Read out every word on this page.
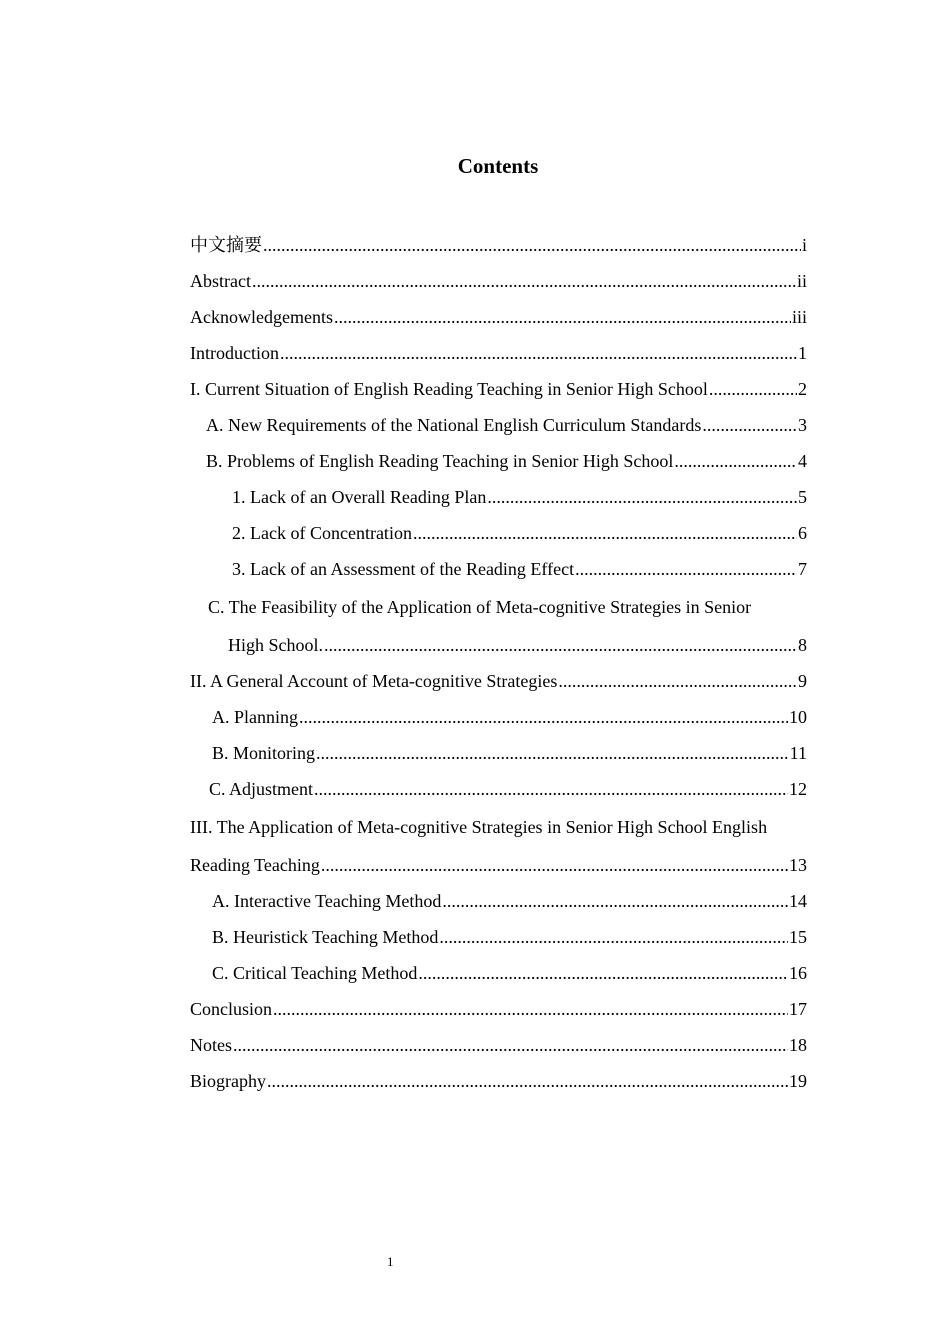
Contents
中文摘要 .....	i
Abstract .....	ii
Acknowledgements .....	iii
Introduction .....	1
I. Current Situation of English Reading Teaching in Senior High School .....	2
A. New Requirements of the National English Curriculum Standards .....	3
B. Problems of English Reading Teaching in Senior High School .....	4
1. Lack of an Overall Reading Plan .....	5
2. Lack of Concentration .....	6
3. Lack of an Assessment of the Reading Effect .....	7
C. The Feasibility of the Application of Meta-cognitive Strategies in Senior
High School. .....	8
II. A General Account of Meta-cognitive Strategies .....	9
A. Planning .....	10
B. Monitoring .....	11
C. Adjustment .....	12
III. The Application of Meta-cognitive Strategies in Senior High School English
Reading Teaching .....	13
A. Interactive Teaching Method .....	14
B. Heuristick Teaching Method .....	15
C. Critical Teaching Method .....	16
Conclusion .....	17
Notes .....	18
Biography .....	19
1
